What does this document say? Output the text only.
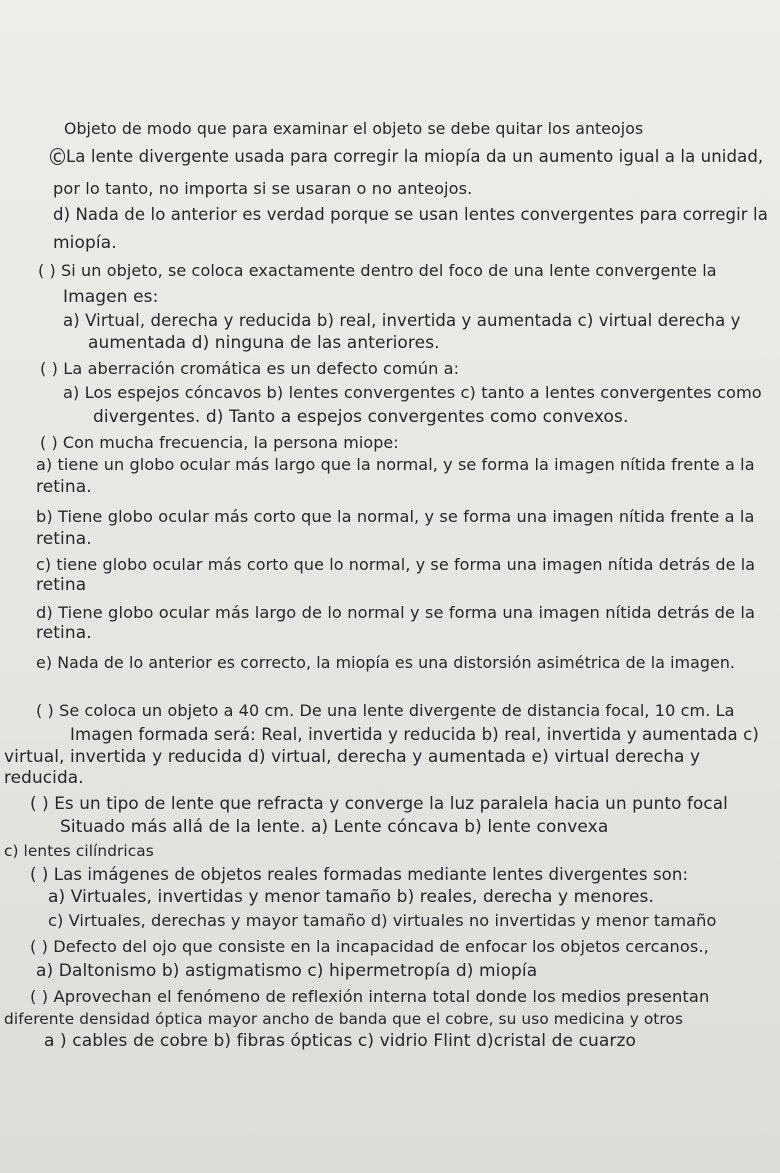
Objeto de modo que para examinar el objeto se debe quitar los anteojos
c La lente divergente usada para corregir la miopía da un aumento igual a la unidad,
por lo tanto, no importa si se usaran o no anteojos.
d) Nada de lo anterior es verdad porque se usan lentes convergentes para corregir la
miopía.
( ) Si un objeto, se coloca exactamente dentro del foco de una lente convergente la
Imagen es:
a) Virtual, derecha y reducida b) real, invertida y aumentada c) virtual derecha y
aumentada d) ninguna de las anteriores.
( ) La aberración cromática es un defecto común a:
a) Los espejos cóncavos b) lentes convergentes c) tanto a lentes convergentes como
divergentes. d) Tanto a espejos convergentes como convexos.
( ) Con mucha frecuencia, la persona miope:
a) tiene un globo ocular más largo que la normal, y se forma la imagen nítida frente a la
retina.
b) Tiene globo ocular más corto que la normal, y se forma una imagen nítida frente a la
retina.
c) tiene globo ocular más corto que lo normal, y se forma una imagen nítida detrás de la
retina
d) Tiene globo ocular más largo de lo normal y se forma una imagen nítida detrás de la
retina.
e) Nada de lo anterior es correcto, la miopía es una distorsión asimétrica de la imagen.
( ) Se coloca un objeto a 40 cm. De una lente divergente de distancia focal, 10 cm. La
Imagen formada será: Real, invertida y reducida b) real, invertida y aumentada c)
virtual, invertida y reducida d) virtual, derecha y aumentada e) virtual derecha y
reducida.
( ) Es un tipo de lente que refracta y converge la luz paralela hacia un punto focal
Situado más allá de la lente. a) Lente cóncava b) lente convexa
c) lentes cilíndricas
( ) Las imágenes de objetos reales formadas mediante lentes divergentes son:
a) Virtuales, invertidas y menor tamaño b) reales, derecha y menores.
c) Virtuales, derechas y mayor tamaño d) virtuales no invertidas y menor tamaño
( ) Defecto del ojo que consiste en la incapacidad de enfocar los objetos cercanos.,
a) Daltonismo b) astigmatismo c) hipermetropía d) miopía
( ) Aprovechan el fenómeno de reflexión interna total donde los medios presentan
diferente densidad óptica mayor ancho de banda que el cobre, su uso medicina y otros
a ) cables de cobre b) fibras ópticas c) vidrio Flint d)cristal de cuarzo
